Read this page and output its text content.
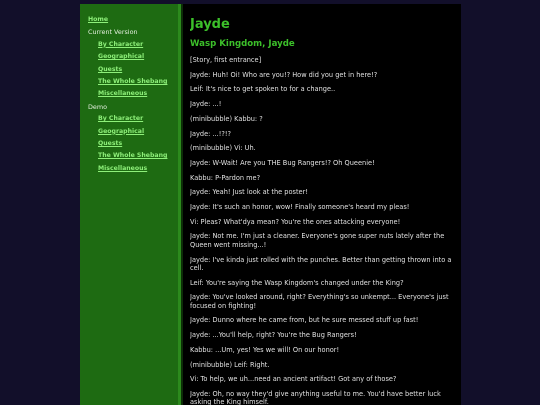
Home
Current Version
By Character
Geographical
Quests
The Whole Shebang
Miscellaneous
Demo
By Character
Geographical
Quests
The Whole Shebang
Miscellaneous
Jayde
Wasp Kingdom, Jayde

[Story, first entrance]

Jayde: Huh! Oi! Who are you!? How did you get in here!?

Leif: It's nice to get spoken to for a change..

Jayde: ...!

(minibubble) Kabbu: ?

Jayde: ...!?!?

(minibubble) Vi: Uh.

Jayde: W-Wait! Are you THE Bug Rangers!? Oh Queenie!

Kabbu: P-Pardon me?

Jayde: Yeah! Just look at the poster!

Jayde: It's such an honor, wow! Finally someone's heard my pleas!

Vi: Pleas? What'dya mean? You're the ones attacking everyone!

Jayde: Not me. I'm just a cleaner. Everyone's gone super nuts lately after the Queen went missing...!

Jayde: I've kinda just rolled with the punches. Better than getting thrown into a cell.

Leif: You're saying the Wasp Kingdom's changed under the King?

Jayde: You've looked around, right? Everything's so unkempt... Everyone's just focused on fighting!

Jayde: Dunno where he came from, but he sure messed stuff up fast!

Jayde: ...You'll help, right? You're the Bug Rangers!

Kabbu: ...Um, yes! Yes we will! On our honor!

(minibubble) Leif: Right.

Vi: To help, we uh...need an ancient artifact! Got any of those?

Jayde: Oh, no way they'd give anything useful to me. You'd have better luck asking the King himself.
